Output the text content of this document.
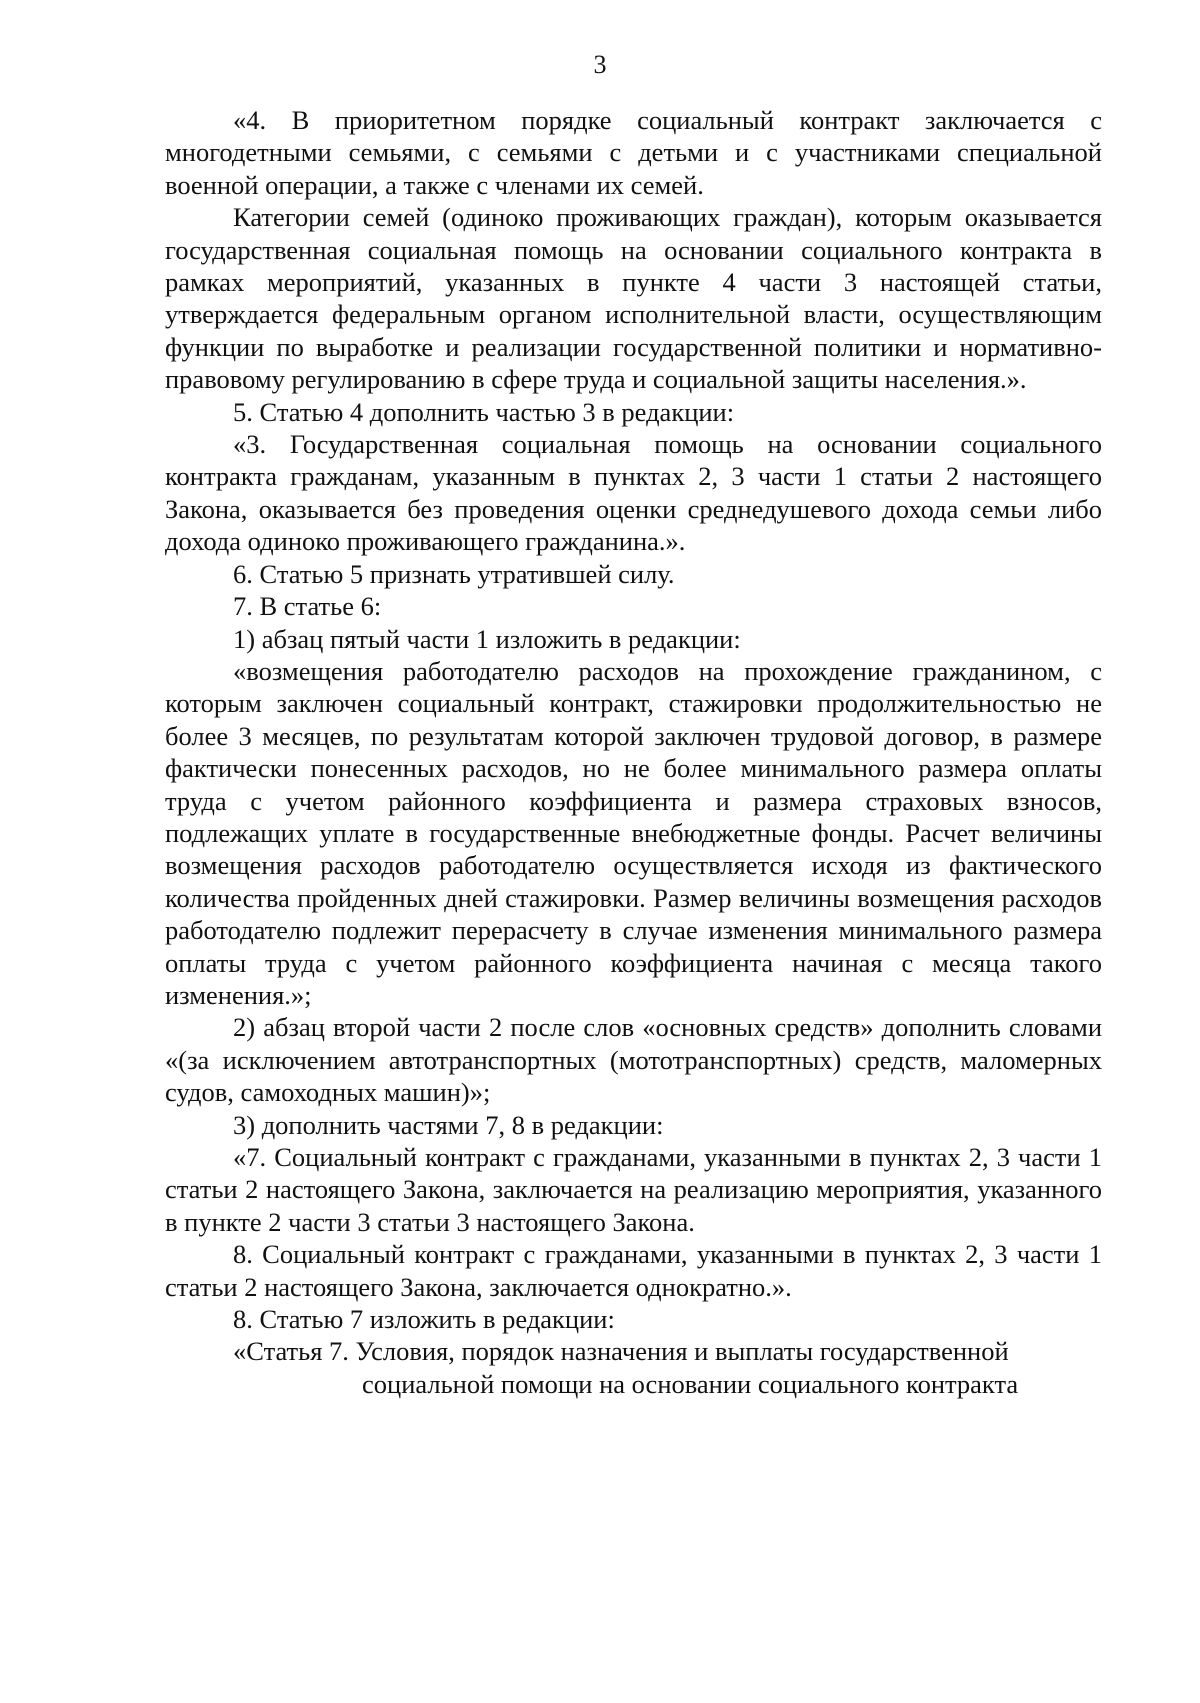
3

«4. В приоритетном порядке социальный контракт заключается с многодетными семьями, с семьями с детьми и с участниками специальной военной операции, а также с членами их семей.

Категории семей (одиноко проживающих граждан), которым оказывается государственная социальная помощь на основании социального контракта в рамках мероприятий, указанных в пункте 4 части 3 настоящей статьи, утверждается федеральным органом исполнительной власти, осуществляющим функции по выработке и реализации государственной политики и нормативно-правовому регулированию в сфере труда и социальной защиты населения.».

5. Статью 4 дополнить частью 3 в редакции:

«3. Государственная социальная помощь на основании социального контракта гражданам, указанным в пунктах 2, 3 части 1 статьи 2 настоящего Закона, оказывается без проведения оценки среднедушевого дохода семьи либо дохода одиноко проживающего гражданина.».

6. Статью 5 признать утратившей силу.

7. В статье 6:

1) абзац пятый части 1 изложить в редакции:

«возмещения работодателю расходов на прохождение гражданином, с которым заключен социальный контракт, стажировки продолжительностью не более 3 месяцев, по результатам которой заключен трудовой договор, в размере фактически понесенных расходов, но не более минимального размера оплаты труда с учетом районного коэффициента и размера страховых взносов, подлежащих уплате в государственные внебюджетные фонды. Расчет величины возмещения расходов работодателю осуществляется исходя из фактического количества пройденных дней стажировки. Размер величины возмещения расходов работодателю подлежит перерасчету в случае изменения минимального размера оплаты труда с учетом районного коэффициента начиная с месяца такого изменения.»;

2) абзац второй части 2 после слов «основных средств» дополнить словами «(за исключением автотранспортных (мототранспортных) средств, маломерных судов, самоходных машин)»;

3) дополнить частями 7, 8 в редакции:

«7. Социальный контракт с гражданами, указанными в пунктах 2, 3 части 1 статьи 2 настоящего Закона, заключается на реализацию мероприятия, указанного в пункте 2 части 3 статьи 3 настоящего Закона.

8. Социальный контракт с гражданами, указанными в пунктах 2, 3 части 1 статьи 2 настоящего Закона, заключается однократно.».

8. Статью 7 изложить в редакции:

«Статья 7. Условия, порядок назначения и выплаты государственной

социальной помощи на основании социального контракта
